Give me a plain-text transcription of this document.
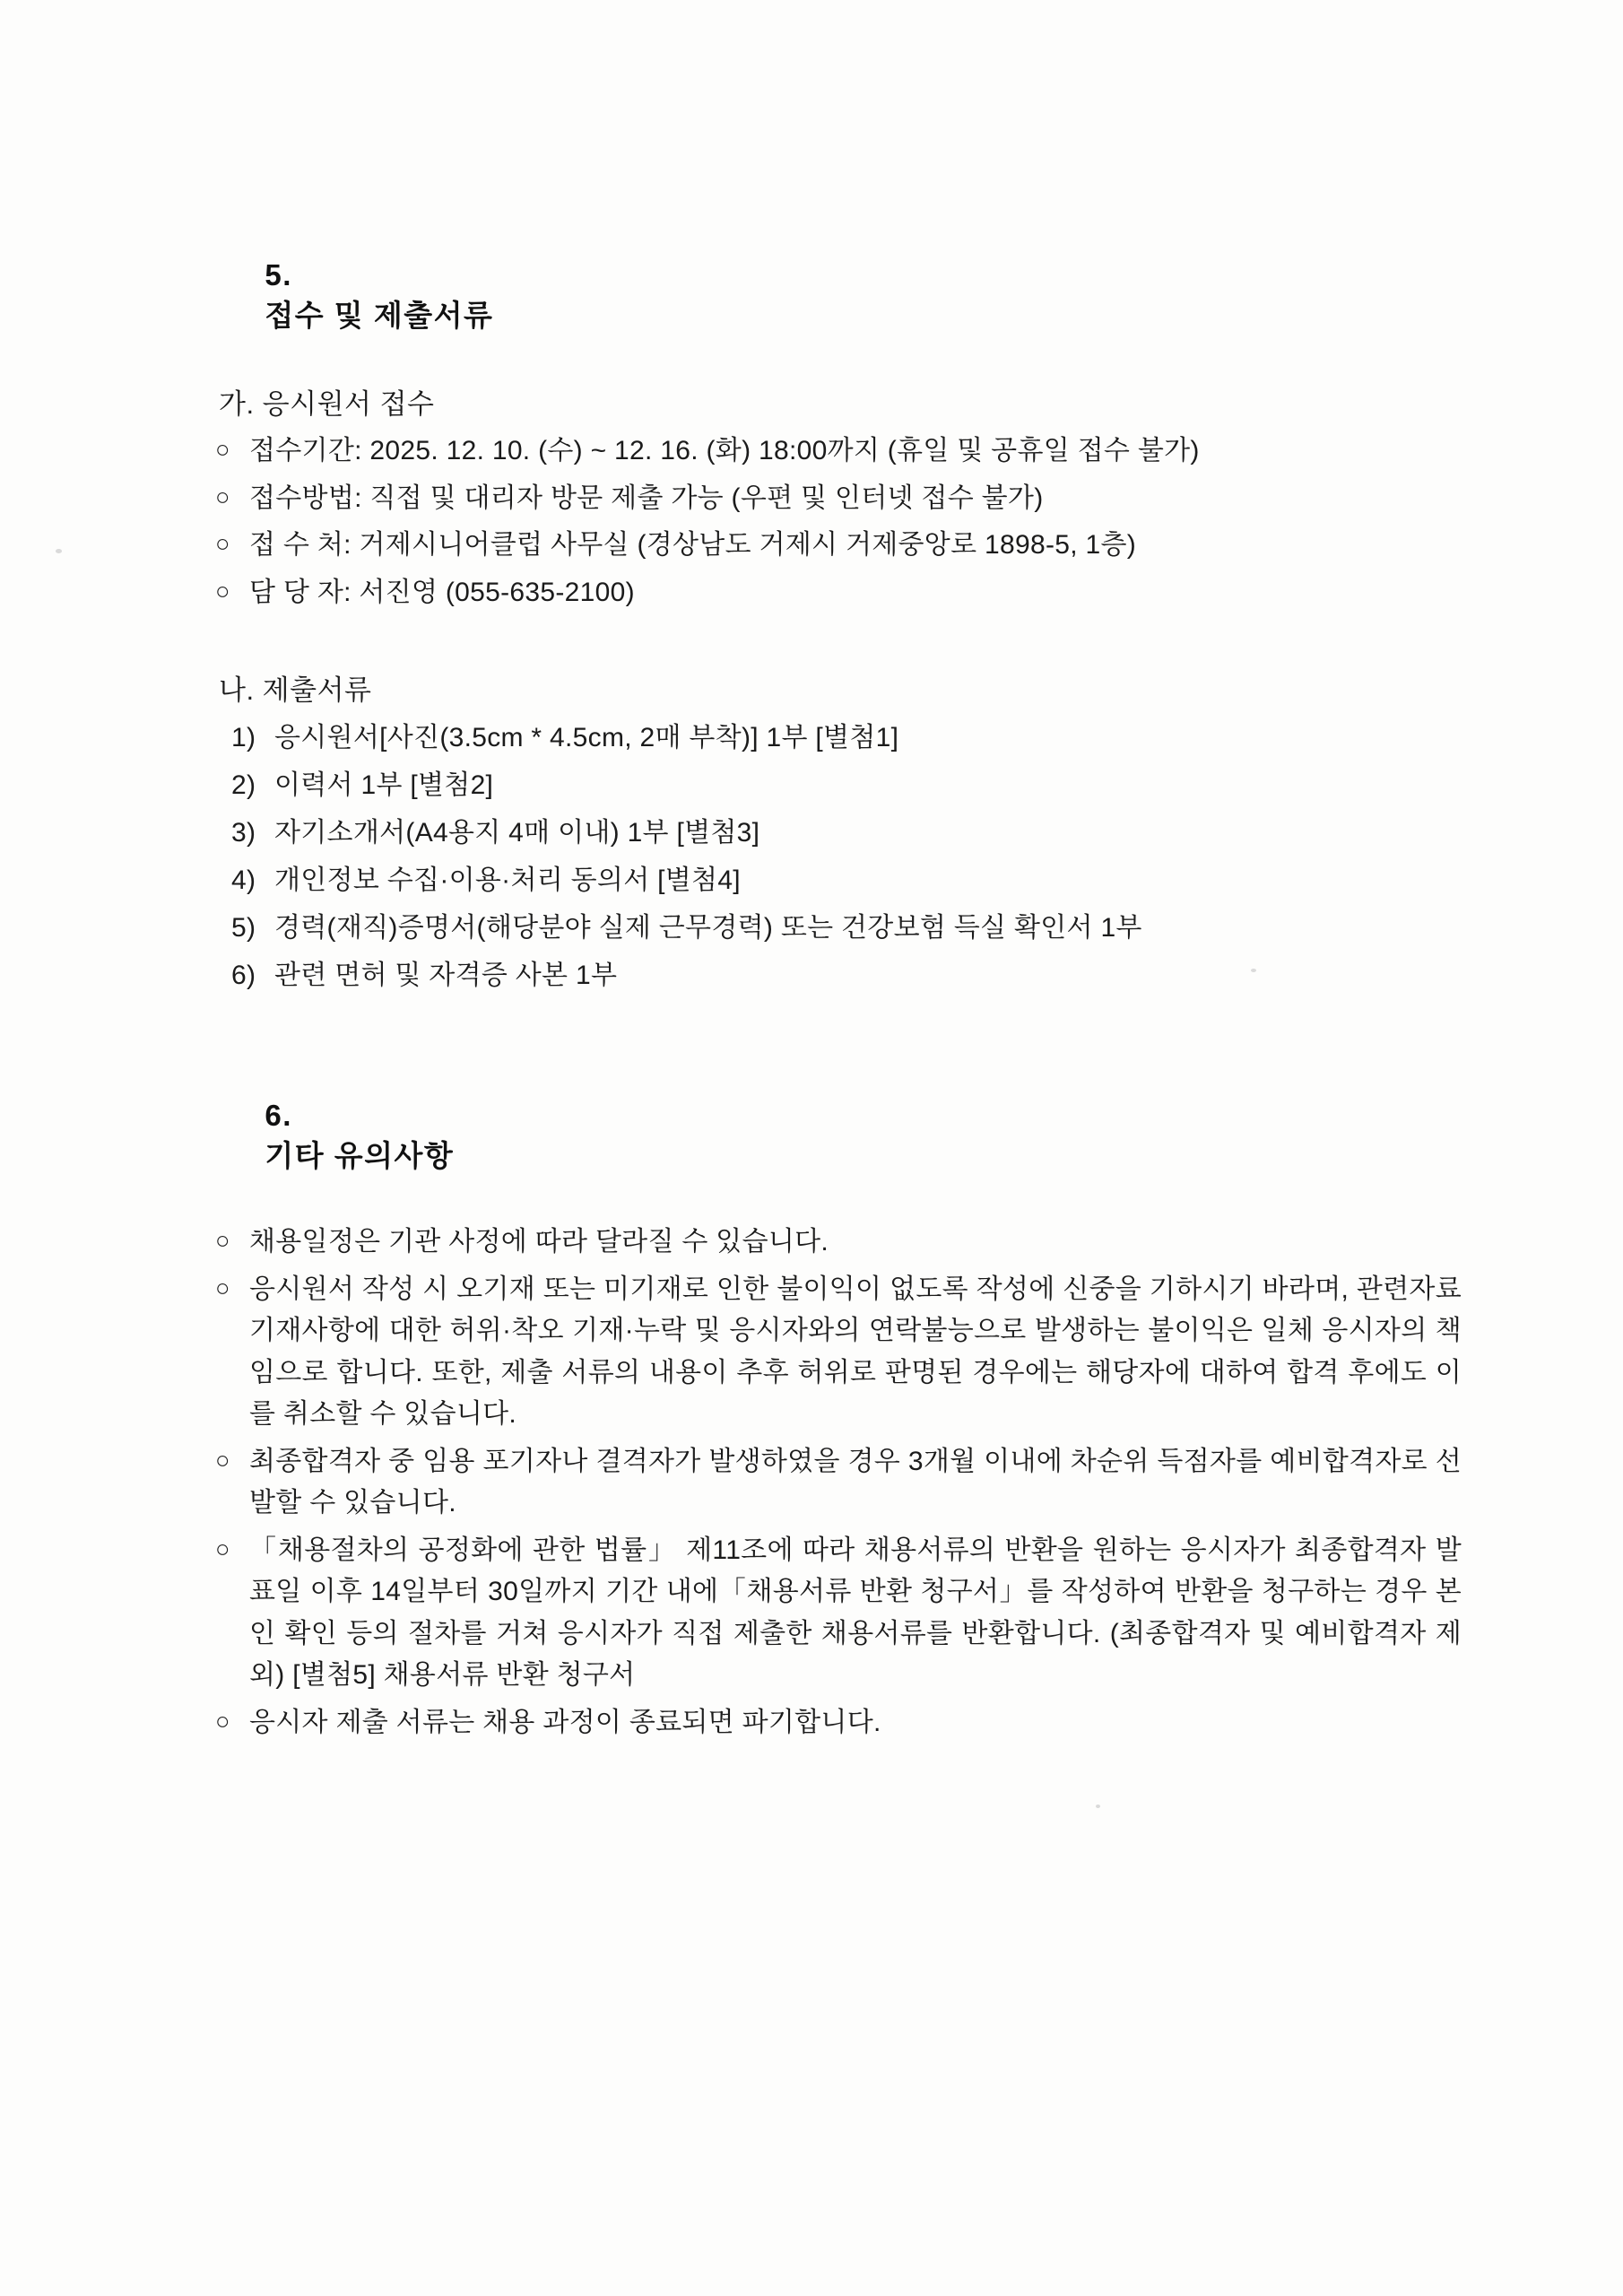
5.
접수 및 제출서류

가. 응시원서 접수
○ 접수기간: 2025. 12. 10. (수) ~ 12. 16. (화) 18:00까지 (휴일 및 공휴일 접수 불가)
○ 접수방법: 직접 및 대리자 방문 제출 가능 (우편 및 인터넷 접수 불가)
○ 접 수 처: 거제시니어클럽 사무실 (경상남도 거제시 거제중앙로 1898-5, 1층)
○ 담 당 자: 서진영 (055-635-2100)
나. 제출서류
1) 응시원서[사진(3.5cm * 4.5cm, 2매 부착)] 1부 [별첨1]
2) 이력서 1부 [별첨2]
3) 자기소개서(A4용지 4매 이내) 1부 [별첨3]
4) 개인정보 수집·이용·처리 동의서 [별첨4]
5) 경력(재직)증명서(해당분야 실제 근무경력) 또는 건강보험 득실 확인서 1부
6) 관련 면허 및 자격증 사본 1부

6.
기타 유의사항

○ 채용일정은 기관 사정에 따라 달라질 수 있습니다.
○ 응시원서 작성 시 오기재 또는 미기재로 인한 불이익이 없도록 작성에 신중을 기하시기 바라며, 관련자료 기재사항에 대한 허위·착오 기재·누락 및 응시자와의 연락불능으로 발생하는 불이익은 일체 응시자의 책임으로 합니다. 또한, 제출 서류의 내용이 추후 허위로 판명된 경우에는 해당자에 대하여 합격 후에도 이를 취소할 수 있습니다.
○ 최종합격자 중 임용 포기자나 결격자가 발생하였을 경우 3개월 이내에 차순위 득점자를 예비합격자로 선발할 수 있습니다.
○ 「채용절차의 공정화에 관한 법률」 제11조에 따라 채용서류의 반환을 원하는 응시자가 최종합격자 발표일 이후 14일부터 30일까지 기간 내에「채용서류 반환 청구서」를 작성하여 반환을 청구하는 경우 본인 확인 등의 절차를 거쳐 응시자가 직접 제출한 채용서류를 반환합니다. (최종합격자 및 예비합격자 제외) [별첨5] 채용서류 반환 청구서
○ 응시자 제출 서류는 채용 과정이 종료되면 파기합니다.
